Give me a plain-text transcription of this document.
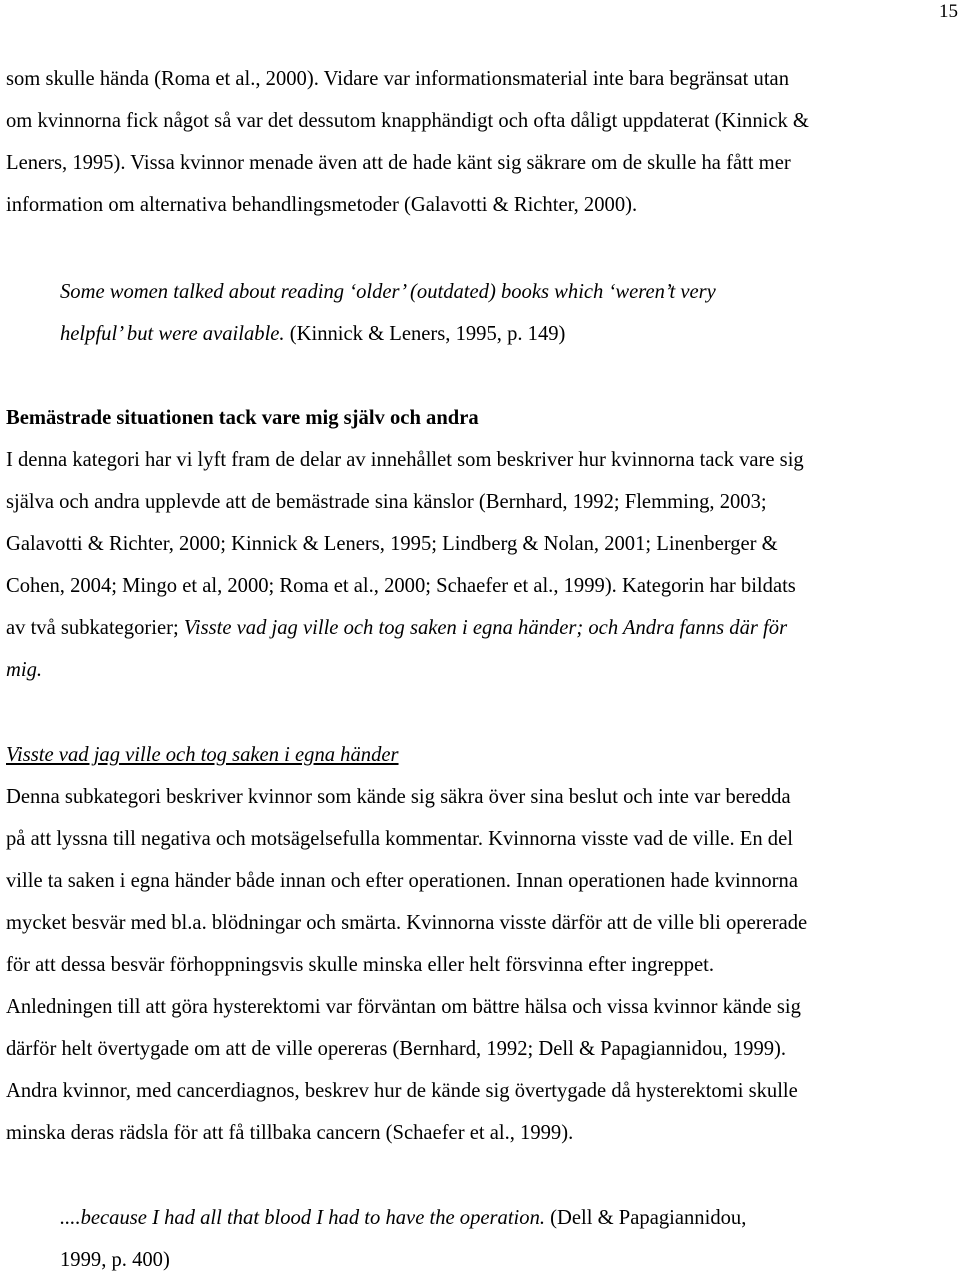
15
som skulle hända (Roma et al., 2000). Vidare var informationsmaterial inte bara begränsat utan
om kvinnorna fick något så var det dessutom knapphändigt och ofta dåligt uppdaterat (Kinnick &
Leners, 1995). Vissa kvinnor menade även att de hade känt sig säkrare om de skulle ha fått mer
information om alternativa behandlingsmetoder (Galavotti & Richter, 2000).
Some women talked about reading ‘older’ (outdated) books which ‘weren’t very
helpful’ but were available. (Kinnick & Leners, 1995, p. 149)
Bemästrade situationen tack vare mig själv och andra
I denna kategori har vi lyft fram de delar av innehållet som beskriver hur kvinnorna tack vare sig
själva och andra upplevde att de bemästrade sina känslor (Bernhard, 1992; Flemming, 2003;
Galavotti & Richter, 2000; Kinnick & Leners, 1995; Lindberg & Nolan, 2001; Linenberger &
Cohen, 2004; Mingo et al, 2000; Roma et al., 2000; Schaefer et al., 1999). Kategorin har bildats
av två subkategorier; Visste vad jag ville och tog saken i egna händer; och Andra fanns där för
mig.
Visste vad jag ville och tog saken i egna händer
Denna subkategori beskriver kvinnor som kände sig säkra över sina beslut och inte var beredda
på att lyssna till negativa och motsägelsefulla kommentar. Kvinnorna visste vad de ville. En del
ville ta saken i egna händer både innan och efter operationen. Innan operationen hade kvinnorna
mycket besvär med bl.a. blödningar och smärta. Kvinnorna visste därför att de ville bli opererade
för att dessa besvär förhoppningsvis skulle minska eller helt försvinna efter ingreppet.
Anledningen till att göra hysterektomi var förväntan om bättre hälsa och vissa kvinnor kände sig
därför helt övertygade om att de ville opereras (Bernhard, 1992; Dell & Papagiannidou, 1999).
Andra kvinnor, med cancerdiagnos, beskrev hur de kände sig övertygade då hysterektomi skulle
minska deras rädsla för att få tillbaka cancern (Schaefer et al., 1999).
....because I had all that blood I had to have the operation. (Dell & Papagiannidou,
1999, p. 400)
